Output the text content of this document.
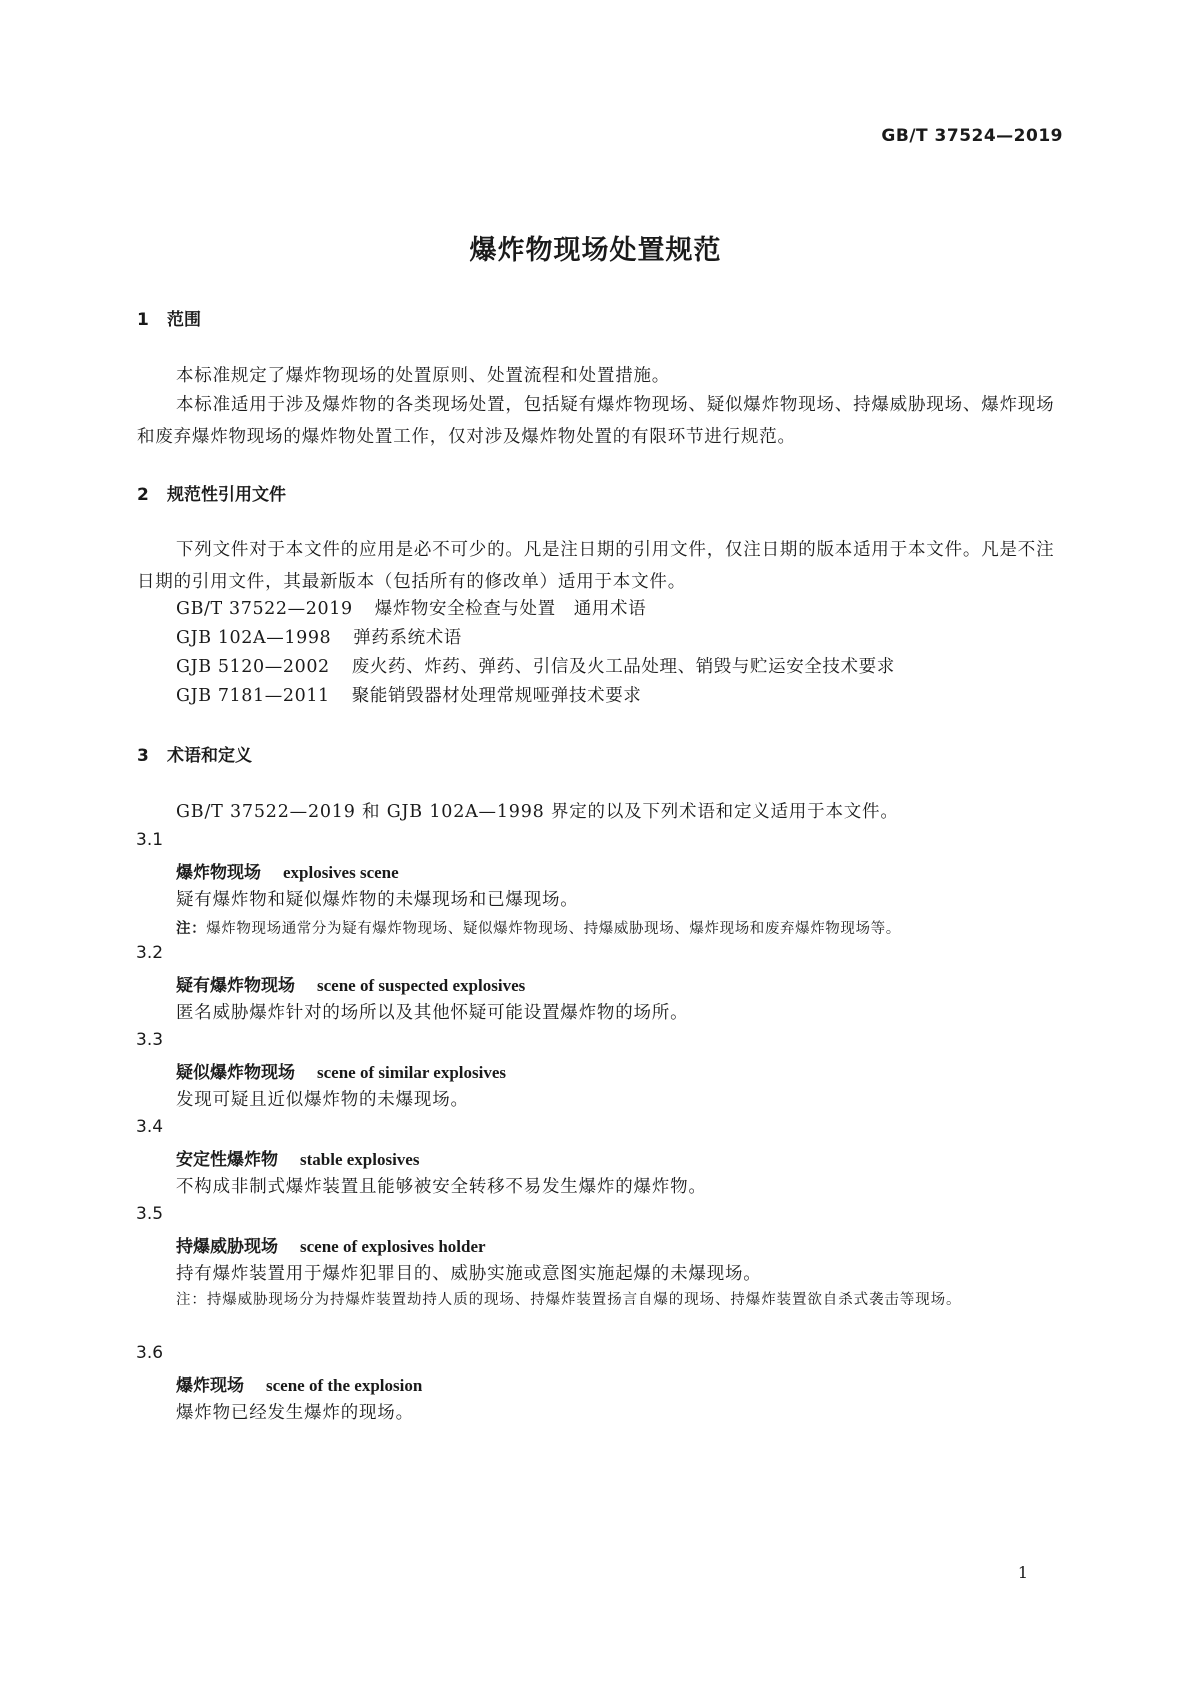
GB/T 37524—2019
爆炸物现场处置规范
1 范围
本标准规定了爆炸物现场的处置原则、处置流程和处置措施。
本标准适用于涉及爆炸物的各类现场处置，包括疑有爆炸物现场、疑似爆炸物现场、持爆威胁现场、爆炸现场和废弃爆炸物现场的爆炸物处置工作，仅对涉及爆炸物处置的有限环节进行规范。
2 规范性引用文件
下列文件对于本文件的应用是必不可少的。凡是注日期的引用文件，仅注日期的版本适用于本文件。凡是不注日期的引用文件，其最新版本（包括所有的修改单）适用于本文件。
GB/T 37522—2019 爆炸物安全检查与处置　通用术语
GJB 102A—1998 弹药系统术语
GJB 5120—2002 废火药、炸药、弹药、引信及火工品处理、销毁与贮运安全技术要求
GJB 7181—2011 聚能销毁器材处理常规哑弹技术要求
3 术语和定义
GB/T 37522—2019 和 GJB 102A—1998 界定的以及下列术语和定义适用于本文件。
3.1
爆炸物现场 explosives scene
疑有爆炸物和疑似爆炸物的未爆现场和已爆现场。
注：爆炸物现场通常分为疑有爆炸物现场、疑似爆炸物现场、持爆威胁现场、爆炸现场和废弃爆炸物现场等。
3.2
疑有爆炸物现场 scene of suspected explosives
匿名威胁爆炸针对的场所以及其他怀疑可能设置爆炸物的场所。
3.3
疑似爆炸物现场 scene of similar explosives
发现可疑且近似爆炸物的未爆现场。
3.4
安定性爆炸物 stable explosives
不构成非制式爆炸装置且能够被安全转移不易发生爆炸的爆炸物。
3.5
持爆威胁现场 scene of explosives holder
持有爆炸装置用于爆炸犯罪目的、威胁实施或意图实施起爆的未爆现场。
注：持爆威胁现场分为持爆炸装置劫持人质的现场、持爆炸装置扬言自爆的现场、持爆炸装置欲自杀式袭击等现场。
3.6
爆炸现场 scene of the explosion
爆炸物已经发生爆炸的现场。
1
